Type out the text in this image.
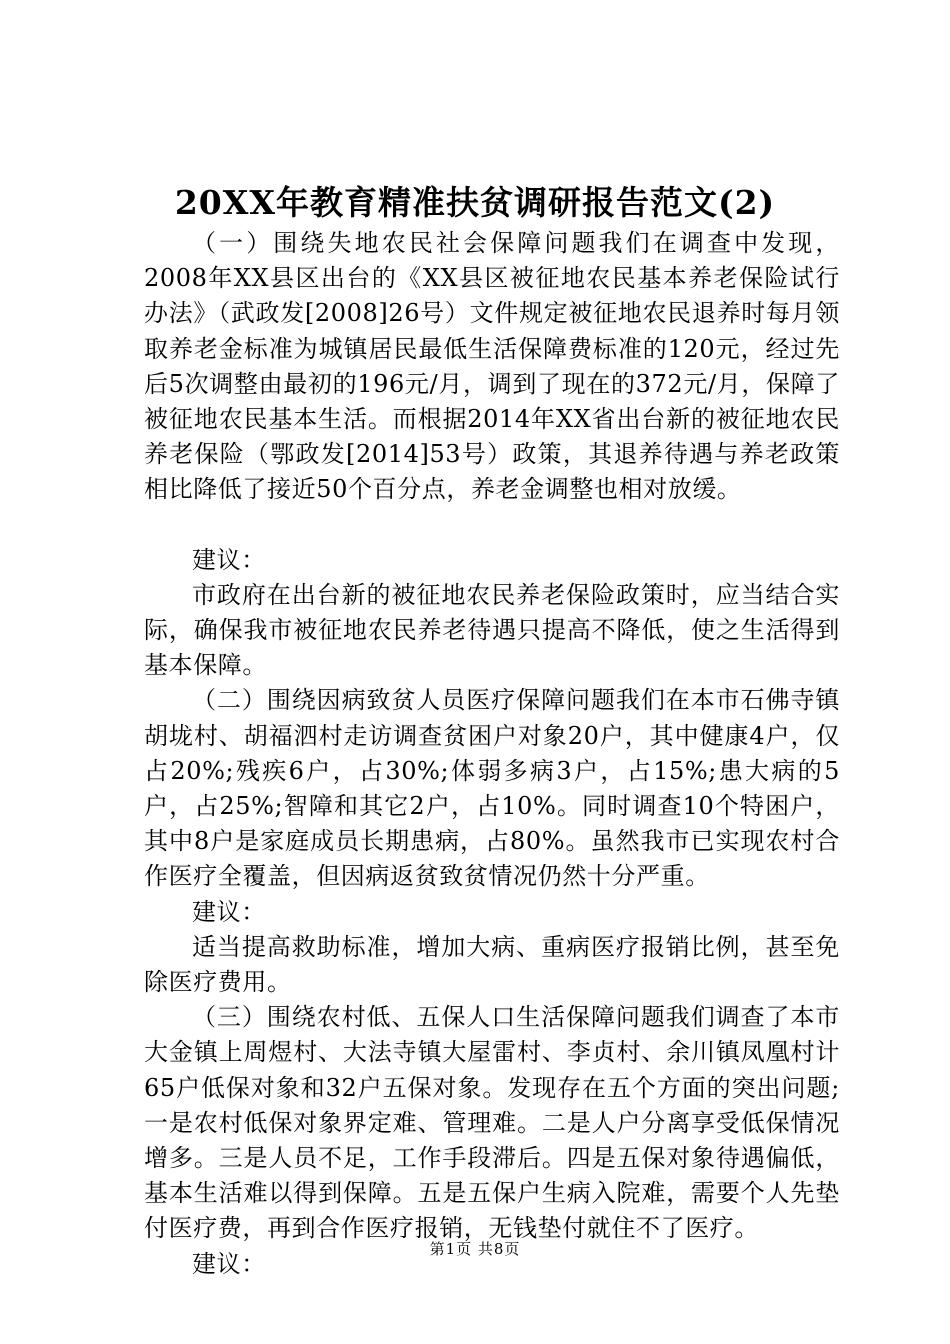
20XX年教育精准扶贫调研报告范文(2)

（一）围绕失地农民社会保障问题我们在调查中发现，2008年XX县区出台的《XX县区被征地农民基本养老保险试行办法》（武政发[2008]26号）文件规定被征地农民退养时每月领取养老金标准为城镇居民最低生活保障费标准的120元，经过先后5次调整由最初的196元/月，调到了现在的372元/月，保障了被征地农民基本生活。而根据2014年XX省出台新的被征地农民养老保险（鄂政发[2014]53号）政策，其退养待遇与养老政策相比降低了接近50个百分点，养老金调整也相对放缓。

建议：

市政府在出台新的被征地农民养老保险政策时，应当结合实际，确保我市被征地农民养老待遇只提高不降低，使之生活得到基本保障。

（二）围绕因病致贫人员医疗保障问题我们在本市石佛寺镇胡垅村、胡福泗村走访调查贫困户对象20户，其中健康4户，仅占20%;残疾6户，占30%;体弱多病3户，占15%;患大病的5户，占25%;智障和其它2户，占10%。同时调查10个特困户，其中8户是家庭成员长期患病，占80%。虽然我市已实现农村合作医疗全覆盖，但因病返贫致贫情况仍然十分严重。

建议：

适当提高救助标准，增加大病、重病医疗报销比例，甚至免除医疗费用。

（三）围绕农村低、五保人口生活保障问题我们调查了本市大金镇上周煜村、大法寺镇大屋雷村、李贞村、余川镇凤凰村计65户低保对象和32户五保对象。发现存在五个方面的突出问题;一是农村低保对象界定难、管理难。二是人户分离享受低保情况增多。三是人员不足，工作手段滞后。四是五保对象待遇偏低，基本生活难以得到保障。五是五保户生病入院难，需要个人先垫付医疗费，再到合作医疗报销，无钱垫付就住不了医疗。

建议：

第1页 共8页
